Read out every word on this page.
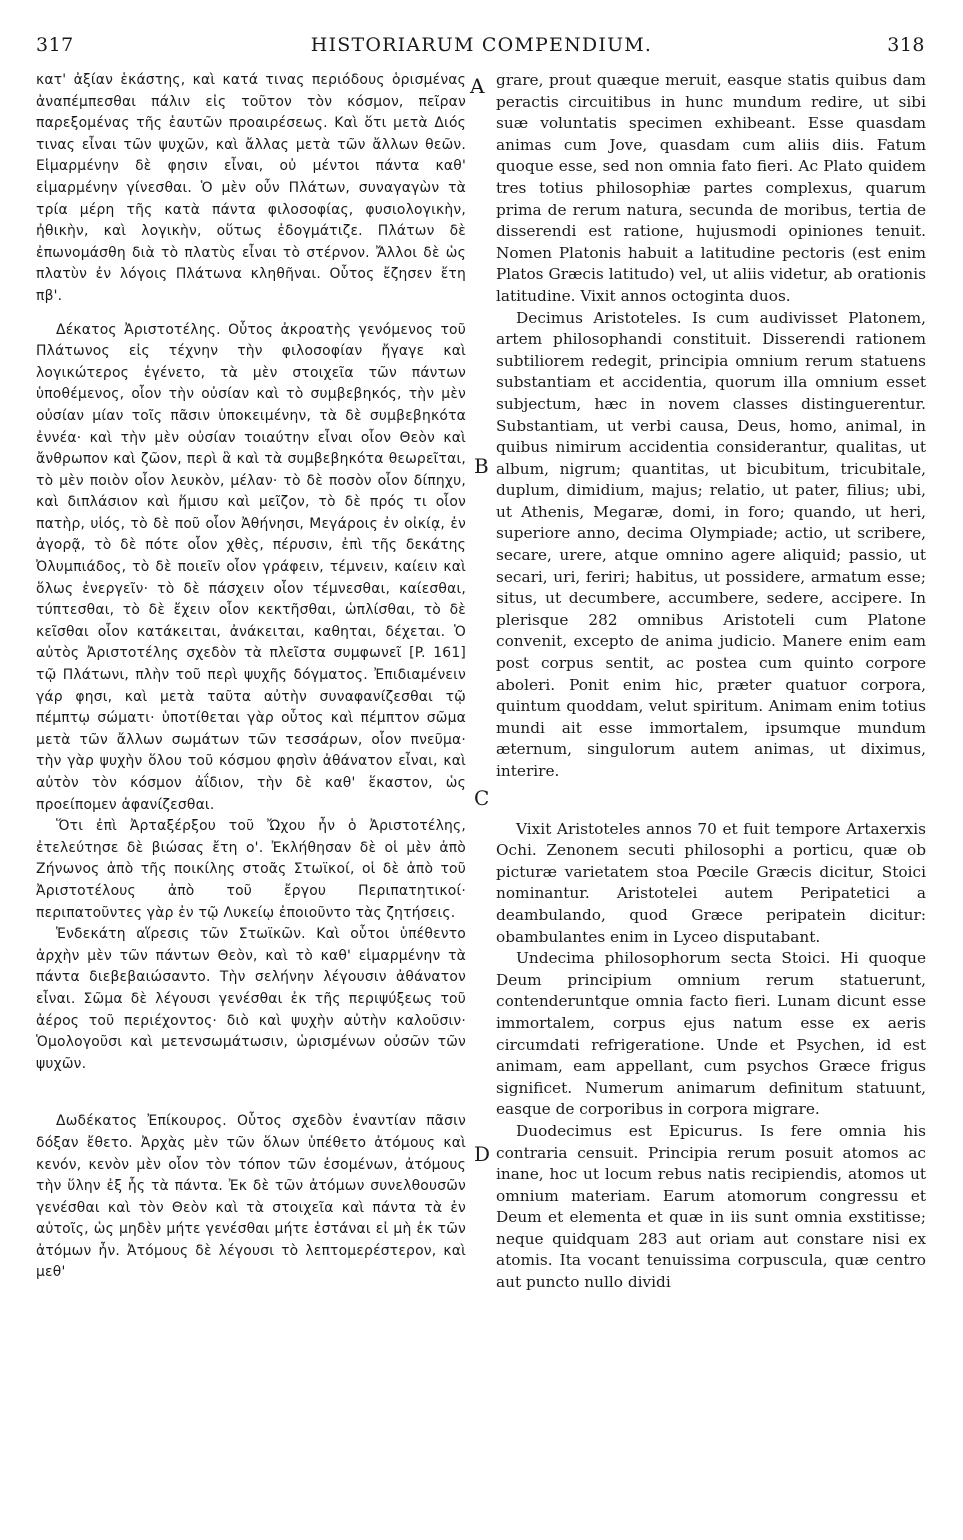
317	HISTORIARUM COMPENDIUM.	318
A
B
C
D

κατ' ἀξίαν ἑκάστης, καὶ κατά τινας περιόδους ὁρισμένας ἀναπέμπεσθαι πάλιν εἰς τοῦτον τὸν κόσμον, πεῖραν παρεξομένας τῆς ἑαυτῶν προαιρέσεως. Καὶ ὅτι μετὰ Διός τινας εἶναι τῶν ψυχῶν, καὶ ἄλλας μετὰ τῶν ἄλλων θεῶν. Εἱμαρμένην δὲ φησιν εἶναι, οὐ μέντοι πάντα καθ' εἱμαρμένην γίνεσθαι. Ὁ μὲν οὖν Πλάτων, συναγαγὼν τὰ τρία μέρη τῆς κατὰ πάντα φιλοσοφίας, φυσιολογικὴν, ἠθικὴν, καὶ λογικὴν, οὕτως ἐδογμάτιζε. Πλάτων δὲ ἐπωνομάσθη διὰ τὸ πλατὺς εἶναι τὸ στέρνον. Ἄλλοι δὲ ὡς πλατὺν ἐν λόγοις Πλάτωνα κληθῆναι. Οὗτος ἔζησεν ἔτη πβ'.

Δέκατος Ἀριστοτέλης. Οὗτος ἀκροατὴς γενόμενος τοῦ Πλάτωνος εἰς τέχνην τὴν φιλοσοφίαν ἤγαγε καὶ λογικώτερος ἐγένετο, τὰ μὲν στοιχεῖα τῶν πάντων ὑποθέμενος, οἷον τὴν οὐσίαν καὶ τὸ συμβεβηκός, τὴν μὲν οὐσίαν μίαν τοῖς πᾶσιν ὑποκειμένην, τὰ δὲ συμβεβηκότα ἐννέα· καὶ τὴν μὲν οὐσίαν τοιαύτην εἶναι οἷον Θεὸν καὶ ἄνθρωπον καὶ ζῶον, περὶ ἃ καὶ τὰ συμβεβηκότα θεωρεῖται, τὸ μὲν ποιὸν οἷον λευκὸν, μέλαν· τὸ δὲ ποσὸν οἷον δίπηχυ, καὶ διπλάσιον καὶ ἥμισυ καὶ μεῖζον, τὸ δὲ πρός τι οἷον πατὴρ, υἱός, τὸ δὲ ποῦ οἷον Ἀθήνησι, Μεγάροις ἐν οἰκίᾳ, ἐν ἀγορᾷ, τὸ δὲ πότε οἷον χθὲς, πέρυσιν, ἐπὶ τῆς δεκάτης Ὀλυμπιάδος, τὸ δὲ ποιεῖν οἷον γράφειν, τέμνειν, καίειν καὶ ὅλως ἐνεργεῖν· τὸ δὲ πάσχειν οἷον τέμνεσθαι, καίεσθαι, τύπτεσθαι, τὸ δὲ ἔχειν οἷον κεκτῆσθαι, ὡπλίσθαι, τὸ δὲ κεῖσθαι οἷον κατάκειται, ἀνάκειται, καθηται, δέχεται. Ὁ αὐτὸς Ἀριστοτέλης σχεδὸν τὰ πλεῖστα συμφωνεῖ [P. 161] τῷ Πλάτωνι, πλὴν τοῦ περὶ ψυχῆς δόγματος. Ἐπιδιαμένειν γάρ φησι, καὶ μετὰ ταῦτα αὐτὴν συναφανίζεσθαι τῷ πέμπτῳ σώματι· ὑποτίθεται γὰρ οὗτος καὶ πέμπτον σῶμα μετὰ τῶν ἄλλων σωμάτων τῶν τεσσάρων, οἷον πνεῦμα· τὴν γὰρ ψυχὴν ὅλου τοῦ κόσμου φησὶν ἀθάνατον εἶναι, καὶ αὐτὸν τὸν κόσμον ἀΐδιον, τὴν δὲ καθ' ἕκαστον, ὡς προείπομεν ἀφανίζεσθαι.

Ὅτι ἐπὶ Ἀρταξέρξου τοῦ Ὤχου ἦν ὁ Ἀριστοτέλης, ἐτελεύτησε δὲ βιώσας ἔτη ο'. Ἐκλήθησαν δὲ οἱ μὲν ἀπὸ Ζήνωνος ἀπὸ τῆς ποικίλης στοᾶς Στωϊκοί, οἱ δὲ ἀπὸ τοῦ Ἀριστοτέλους ἀπὸ τοῦ ἔργου Περιπατητικοί· περιπατοῦντες γὰρ ἐν τῷ Λυκείῳ ἐποιοῦντο τὰς ζητήσεις.

Ἑνδεκάτη αἵρεσις τῶν Στωϊκῶν. Καὶ οὗτοι ὑπέθεντο ἀρχὴν μὲν τῶν πάντων Θεὸν, καὶ τὸ καθ' εἱμαρμένην τὰ πάντα διεβεβαιώσαντο. Τὴν σελήνην λέγουσιν ἀθάνατον εἶναι. Σῶμα δὲ λέγουσι γενέσθαι ἐκ τῆς περιψύξεως τοῦ ἀέρος τοῦ περιέχοντος· διὸ καὶ ψυχὴν αὐτὴν καλοῦσιν· Ὁμολογοῦσι καὶ μετενσωμάτωσιν, ὡρισμένων οὐσῶν τῶν ψυχῶν.

Δωδέκατος Ἐπίκουρος. Οὗτος σχεδὸν ἐναντίαν πᾶσιν δόξαν ἔθετο. Ἀρχὰς μὲν τῶν ὅλων ὑπέθετο ἀτόμους καὶ κενόν, κενὸν μὲν οἷον τὸν τόπον τῶν ἐσομένων, ἀτόμους τὴν ὕλην ἐξ ἧς τὰ πάντα. Ἐκ δὲ τῶν ἀτόμων συνελθουσῶν γενέσθαι καὶ τὸν Θεὸν καὶ τὰ στοιχεῖα καὶ πάντα τὰ ἐν αὐτοῖς, ὡς μηδὲν μήτε γενέσθαι μήτε ἑστάναι εἰ μὴ ἐκ τῶν ἀτόμων ἦν. Ἀτόμους δὲ λέγουσι τὸ λεπτομερέστερον, καὶ μεθ'

grare, prout quæque meruit, easque statis quibus dam peractis circuitibus in hunc mundum redire, ut sibi suæ voluntatis specimen exhibeant. Esse quasdam animas cum Jove, quasdam cum aliis diis. Fatum quoque esse, sed non omnia fato fieri. Ac Plato quidem tres totius philosophiæ partes complexus, quarum prima de rerum natura, secunda de moribus, tertia de disserendi est ratione, hujusmodi opiniones tenuit. Nomen Platonis habuit a latitudine pectoris (est enim Platos Græcis latitudo) vel, ut aliis videtur, ab orationis latitudine. Vixit annos octoginta duos.

Decimus Aristoteles. Is cum audivisset Platonem, artem philosophandi constituit. Disserendi rationem subtiliorem redegit, principia omnium rerum statuens substantiam et accidentia, quorum illa omnium esset subjectum, hæc in novem classes distinguerentur. Substantiam, ut verbi causa, Deus, homo, animal, in quibus nimirum accidentia considerantur, qualitas, ut album, nigrum; quantitas, ut bicubitum, tricubitale, duplum, dimidium, majus; relatio, ut pater, filius; ubi, ut Athenis, Megaræ, domi, in foro; quando, ut heri, superiore anno, decima Olympiade; actio, ut scribere, secare, urere, atque omnino agere aliquid; passio, ut secari, uri, feriri; habitus, ut possidere, armatum esse; situs, ut decumbere, accumbere, sedere, accipere. In plerisque 282 omnibus Aristoteli cum Platone convenit, excepto de anima judicio. Manere enim eam post corpus sentit, ac postea cum quinto corpore aboleri. Ponit enim hic, præter quatuor corpora, quintum quoddam, velut spiritum. Animam enim totius mundi ait esse immortalem, ipsumque mundum æternum, singulorum autem animas, ut diximus, interire.

Vixit Aristoteles annos 70 et fuit tempore Artaxerxis Ochi. Zenonem secuti philosophi a porticu, quæ ob picturæ varietatem stoa Pœcile Græcis dicitur, Stoici nominantur. Aristotelei autem Peripatetici a deambulando, quod Græce peripatein dicitur: obambulantes enim in Lyceo disputabant.

Undecima philosophorum secta Stoici. Hi quoque Deum principium omnium rerum statuerunt, contenderuntque omnia facto fieri. Lunam dicunt esse immortalem, corpus ejus natum esse ex aeris circumdati refrigeratione. Unde et Psychen, id est animam, eam appellant, cum psychos Græce frigus significet. Numerum animarum definitum statuunt, easque de corporibus in corpora migrare.

Duodecimus est Epicurus. Is fere omnia his contraria censuit. Principia rerum posuit atomos ac inane, hoc ut locum rebus natis recipiendis, atomos ut omnium materiam. Earum atomorum congressu et Deum et elementa et quæ in iis sunt omnia exstitisse; neque quidquam 283 aut oriam aut constare nisi ex atomis. Ita vocant tenuissima corpuscula, quæ centro aut puncto nullo dividi
